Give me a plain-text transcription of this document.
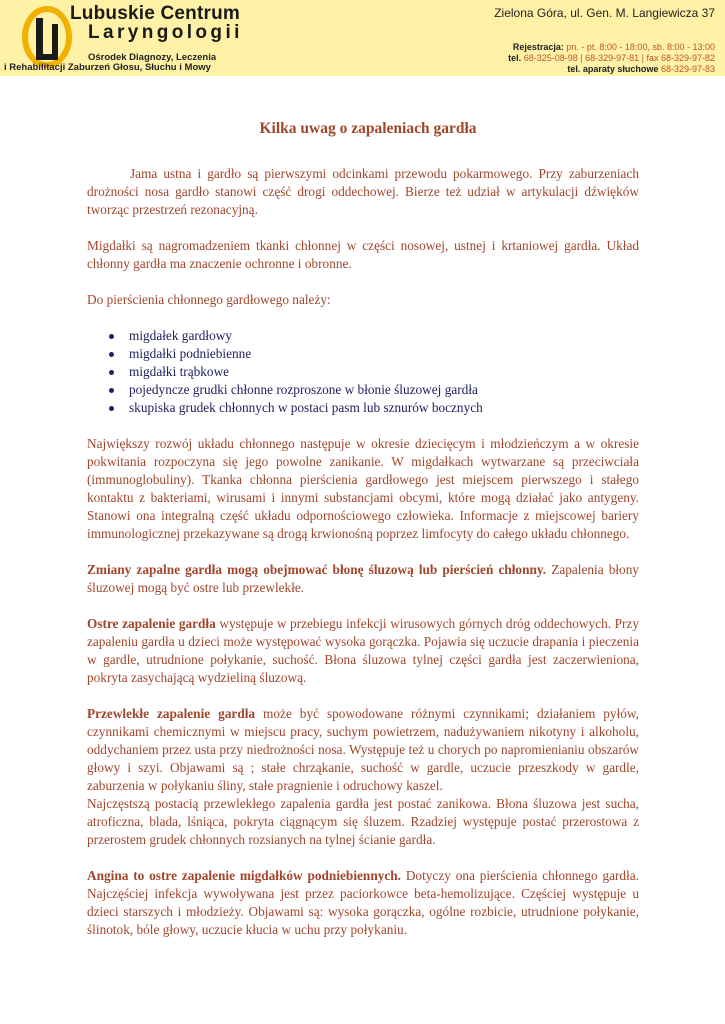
Lubuskie Centrum
Laryngologii
Ośrodek Diagnozy, Leczenia
i Rehabilitacji Zaburzeń Głosu, Słuchu i Mowy
Zielona Góra, ul. Gen. M. Langiewicza 37
Rejestracja: pn. - pt. 8:00 - 18:00, sb. 8:00 - 13:00
tel. 68-325-08-98 | 68-329-97-81 | fax 68-329-97-82
tel. aparaty słuchowe 68-329-97-83
Kilka uwag o zapaleniach gardła

Jama ustna i gardło są pierwszymi odcinkami przewodu pokarmowego. Przy zaburzeniach drożności nosa gardło stanowi część drogi oddechowej. Bierze też udział w artykulacji dźwięków tworząc przestrzeń rezonacyjną.

Migdałki są nagromadzeniem tkanki chłonnej w części nosowej, ustnej i krtaniowej gardła. Układ chłonny gardła ma znaczenie ochronne i obronne.

Do pierścienia chłonnego gardłowego należy:

migdałek gardłowy
migdałki podniebienne
migdałki trąbkowe
pojedyncze grudki chłonne rozproszone w błonie śluzowej gardła
skupiska grudek chłonnych w postaci pasm lub sznurów bocznych

Największy rozwój układu chłonnego następuje w okresie dziecięcym i młodzieńczym a w okresie pokwitania rozpoczyna się jego powolne zanikanie. W migdałkach wytwarzane są przeciwciała (immunoglobuliny). Tkanka chłonna pierścienia gardłowego jest miejscem pierwszego i stałego kontaktu z bakteriami, wirusami i innymi substancjami obcymi, które mogą działać jako antygeny. Stanowi ona integralną część układu odpornościowego człowieka. Informacje z miejscowej bariery immunologicznej przekazywane są drogą krwionośną poprzez limfocyty do całego układu chłonnego.

Zmiany zapalne gardła mogą obejmować błonę śluzową lub pierścień chłonny. Zapalenia błony śluzowej mogą być ostre lub przewlekłe.

Ostre zapalenie gardła występuje w przebiegu infekcji wirusowych górnych dróg oddechowych. Przy zapaleniu gardła u dzieci może występować wysoka gorączka. Pojawia się uczucie drapania i pieczenia w gardle, utrudnione połykanie, suchość. Błona śluzowa tylnej części gardła jest zaczerwieniona, pokryta zasychającą wydzieliną śluzową.

Przewlekłe zapalenie gardła może być spowodowane różnymi czynnikami; działaniem pyłów, czynnikami chemicznymi w miejscu pracy, suchym powietrzem, nadużywaniem nikotyny i alkoholu, oddychaniem przez usta przy niedrożności nosa. Występuje też u chorych po napromienianiu obszarów głowy i szyi. Objawami są ; stałe chrząkanie, suchość w gardle, uczucie przeszkody w gardle, zaburzenia w połykaniu śliny, stałe pragnienie i odruchowy kaszel.

Najczęstszą postacią przewlekłego zapalenia gardła jest postać zanikowa. Błona śluzowa jest sucha, atroficzna, blada, lśniąca, pokryta ciągnącym się śluzem. Rzadziej występuje postać przerostowa z przerostem grudek chłonnych rozsianych na tylnej ścianie gardła.

Angina to ostre zapalenie migdałków podniebiennych. Dotyczy ona pierścienia chłonnego gardła. Najczęściej infekcja wywoływana jest przez paciorkowce beta-hemolizujące. Częściej występuje u dzieci starszych i młodzieży. Objawami są: wysoka gorączka, ogólne rozbicie, utrudnione połykanie, ślinotok, bóle głowy, uczucie kłucia w uchu przy połykaniu.
